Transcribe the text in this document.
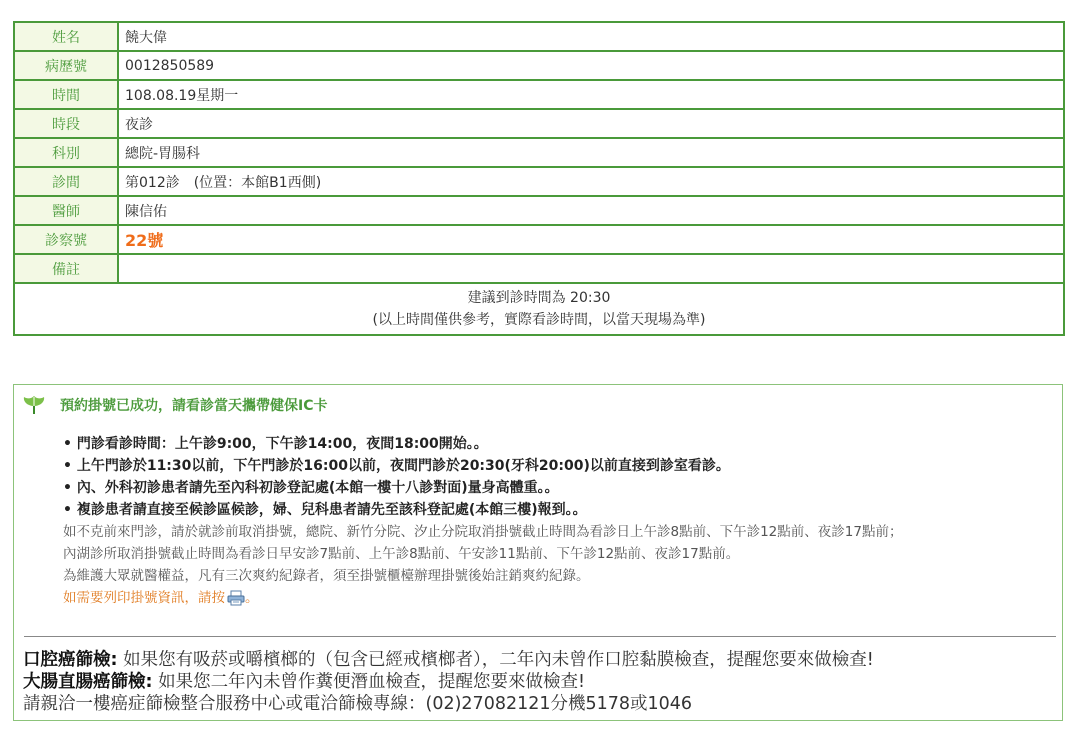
姓名	饒大偉
病歷號	0012850589
時間	108.08.19星期一
時段	夜診
科別	總院-胃腸科
診間	第012診　(位置：本館B1西側)
醫師	陳信佑
診察號	22號
備註	

建議到診時間為 20:30
(以上時間僅供參考，實際看診時間，以當天現場為準)	
預約掛號已成功，請看診當天攜帶健保IC卡
• 門診看診時間：上午診9:00，下午診14:00，夜間18:00開始。。
• 上午門診於11:30以前，下午門診於16:00以前，夜間門診於20:30(牙科20:00)以前直接到診室看診。
• 內、外科初診患者請先至內科初診登記處(本館一樓十八診對面)量身高體重。。
• 複診患者請直接至候診區候診，婦、兒科患者請先至該科登記處(本館三樓)報到。。
如不克前來門診，請於就診前取消掛號，總院、新竹分院、汐止分院取消掛號截止時間為看診日上午診8點前、下午診12點前、夜診17點前；
內湖診所取消掛號截止時間為看診日早安診7點前、上午診8點前、午安診11點前、下午診12點前、夜診17點前。
為維護大眾就醫權益，凡有三次爽約紀錄者，須至掛號櫃檯辦理掛號後始註銷爽約紀錄。
如需要列印掛號資訊，請按 。
口腔癌篩檢: 如果您有吸菸或嚼檳榔的（包含已經戒檳榔者），二年內未曾作口腔黏膜檢查，提醒您要來做檢查!
大腸直腸癌篩檢: 如果您二年內未曾作糞便潛血檢查，提醒您要來做檢查!
請親洽一樓癌症篩檢整合服務中心或電洽篩檢專線：(02)27082121分機5178或1046
